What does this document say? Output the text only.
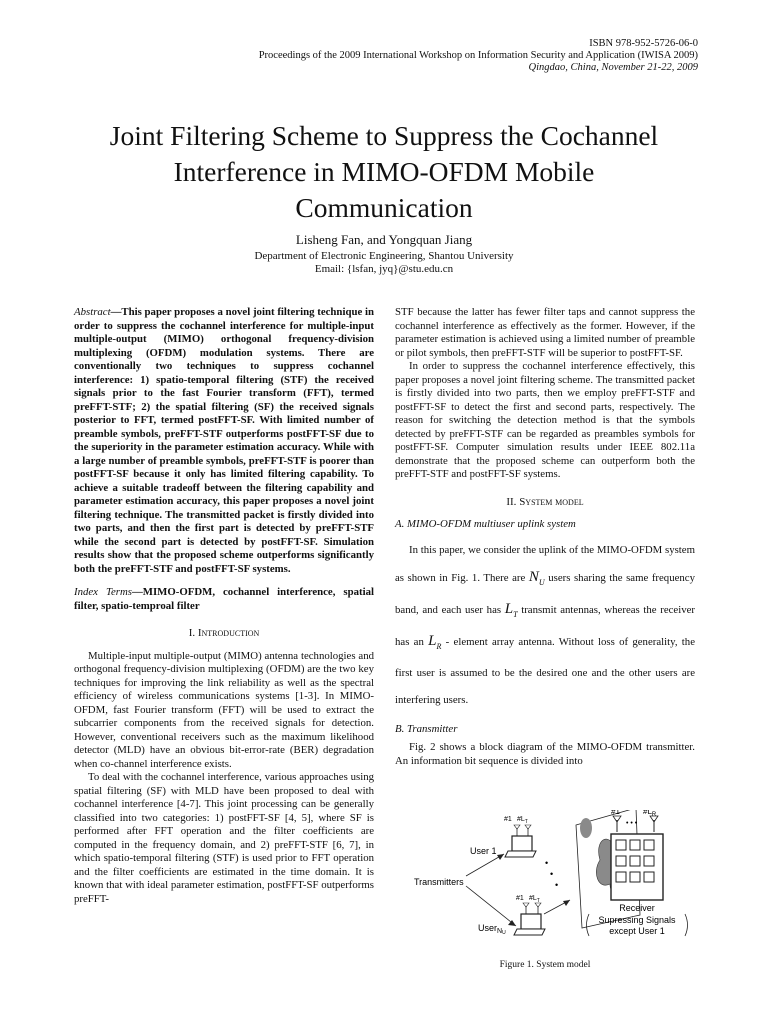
ISBN 978-952-5726-06-0
Proceedings of the 2009 International Workshop on Information Security and Application (IWISA 2009)
Qingdao, China, November 21-22, 2009
Joint Filtering Scheme to Suppress the Cochannel
Interference in MIMO-OFDM Mobile
Communication
Lisheng Fan, and Yongquan Jiang
Department of Electronic Engineering, Shantou University
Email: {lsfan, jyq}@stu.edu.cn

Abstract—This paper proposes a novel joint filtering technique in order to suppress the cochannel interference for multiple-input multiple-output (MIMO) orthogonal frequency-division multiplexing (OFDM) modulation systems. There are conventionally two techniques to suppress cochannel interference: 1) spatio-temporal filtering (STF) the received signals prior to the fast Fourier transform (FFT), termed preFFT-STF; 2) the spatial filtering (SF) the received signals posterior to FFT, termed postFFT-SF. With limited number of preamble symbols, preFFT-STF outperforms postFFT-SF due to the superiority in the parameter estimation accuracy. While with a large number of preamble symbols, preFFT-STF is poorer than postFFT-SF because it only has limited filtering capability. To achieve a suitable tradeoff between the filtering capability and parameter estimation accuracy, this paper proposes a novel joint filtering technique. The transmitted packet is firstly divided into two parts, and then the first part is detected by preFFT-STF while the second part is detected by postFFT-SF. Simulation results show that the proposed scheme outperforms significantly both the preFFT-STF and postFFT-SF systems.

Index Terms—MIMO-OFDM, cochannel interference, spatial filter, spatio-temproal filter

I. Introduction

Multiple-input multiple-output (MIMO) antenna technologies and orthogonal frequency-division multiplexing (OFDM) are the two key techniques for improving the link reliability as well as the spectral efficiency of wireless communications systems [1-3]. In MIMO-OFDM, fast Fourier transform (FFT) will be used to extract the subcarrier components from the received signals for detection. However, conventional receivers such as the maximum likelihood detector (MLD) have an obvious bit-error-rate (BER) degradation when co-channel interference exists.

To deal with the cochannel interference, various approaches using spatial filtering (SF) with MLD have been proposed to deal with cochannel interference [4-7]. This joint processing can be generally classified into two categories: 1) postFFT-SF [4, 5], where SF is performed after FFT operation and the filter coefficients are computed in the frequency domain, and 2) preFFT-STF [6, 7], in which spatio-temporal filtering (STF) is used prior to FFT operation and the filter coefficients are estimated in the time domain. It is known that with ideal parameter estimation, postFFT-SF outperforms preFFT-

STF because the latter has fewer filter taps and cannot suppress the cochannel interference as effectively as the former. However, if the parameter estimation is achieved using a limited number of preamble or pilot symbols, then preFFT-STF will be superior to postFFT-SF.

In order to suppress the cochannel interference effectively, this paper proposes a novel joint filtering scheme. The transmitted packet is firstly divided into two parts, then we employ preFFT-STF and postFFT-SF to detect the first and second parts, respectively. The reason for switching the detection method is that the symbols detected by preFFT-STF can be regarded as preambles symbols for postFFT-SF. Computer simulation results under IEEE 802.11a demonstrate that the proposed scheme can outperform both the preFFT-STF and postFFT-SF systems.

II. System model
A. MIMO-OFDM multiuser uplink system

In this paper, we consider the uplink of the MIMO-OFDM system as shown in Fig. 1. There are $N_U$ users sharing the same frequency band, and each user has $L_T$ transmit antennas, whereas the receiver has an $L_R$ - element array antenna. Without loss of generality, the first user is assumed to be the desired one and the other users are interfering users.

B. Transmitter

Fig. 2 shows a block diagram of the MIMO-OFDM transmitter. An information bit sequence is divided into

#1	$\#L_R$
• • •
Receiver
Supressing Signals
except User 1
#1 $\#L_T$
User 1
•
•
•
Transmitters
#1 $\#L_T$
User$_N$U
Figure 1. System model
